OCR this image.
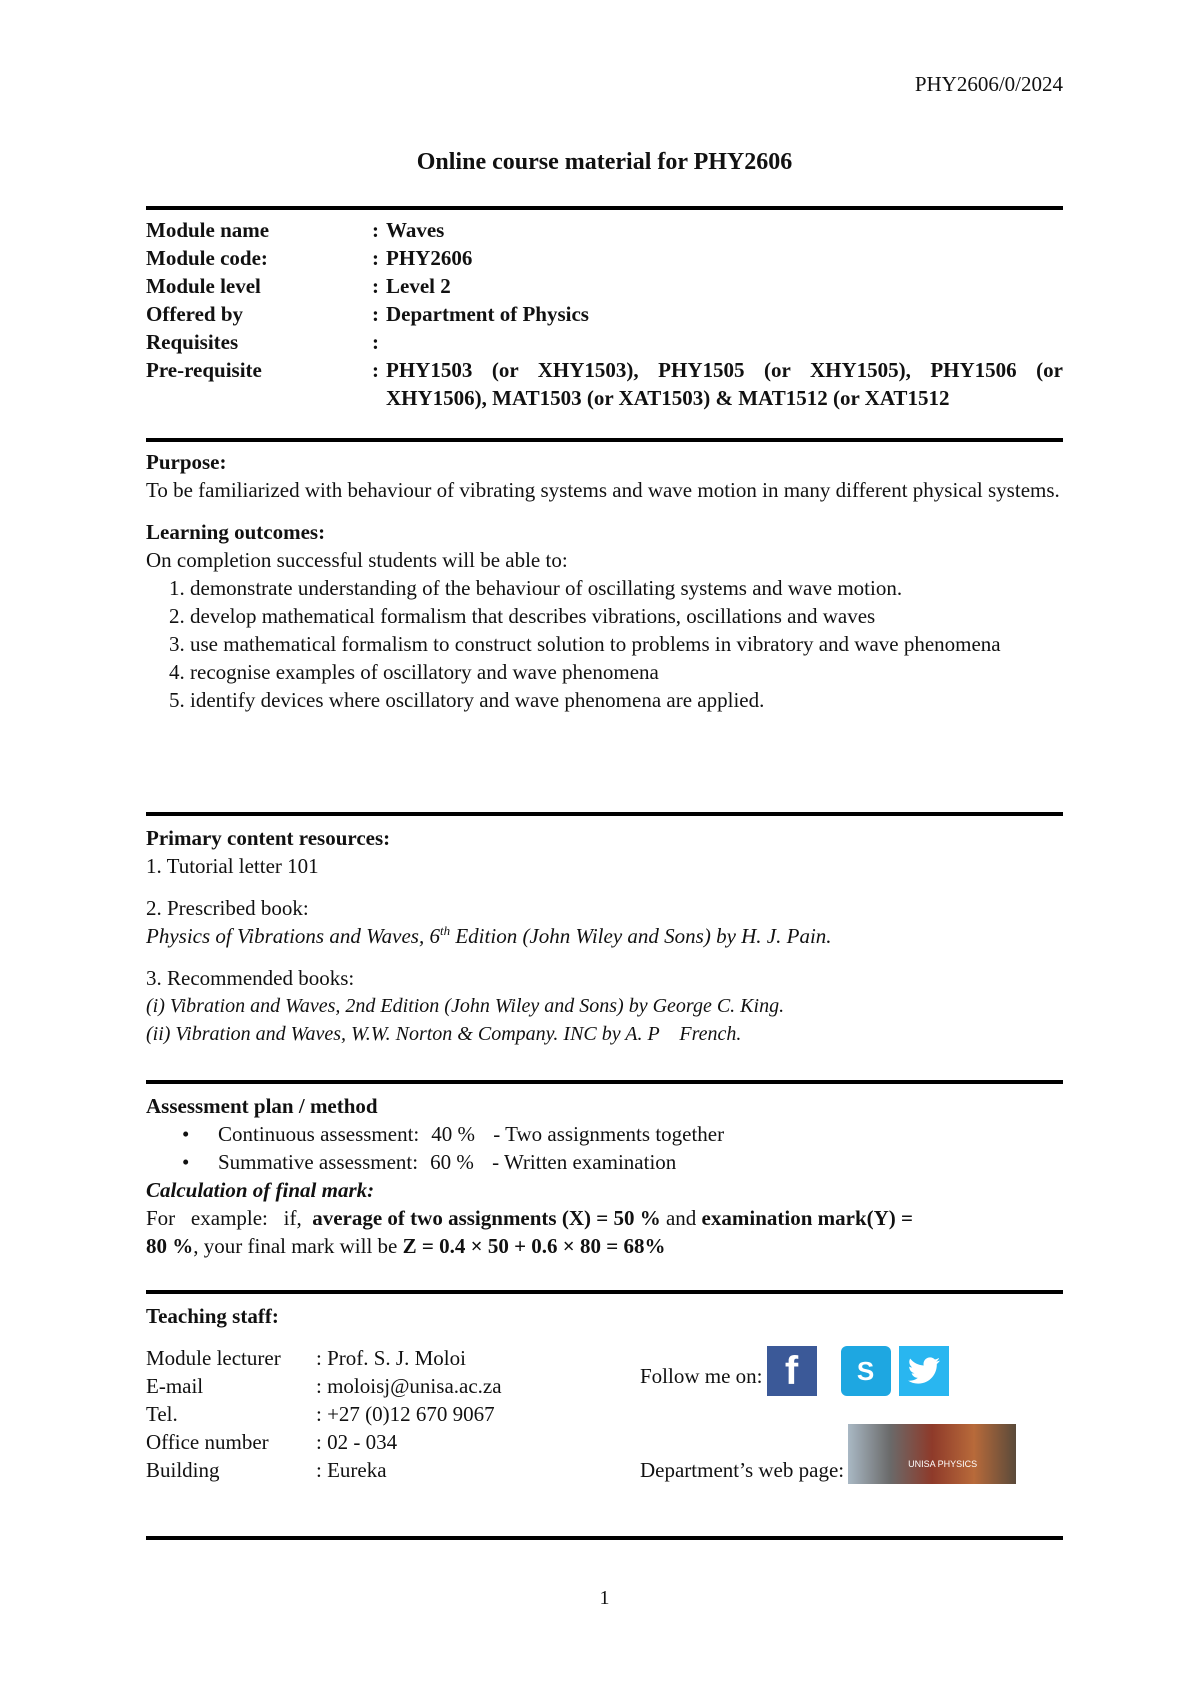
PHY2606/0/2024
Online course material for PHY2606
Module name	: Waves
Module code:	: PHY2606
Module level	: Level 2
Offered by	: Department of Physics
Requisites	:
Pre-requisite	: PHY1503 (or XHY1503), PHY1505 (or XHY1505), PHY1506 (or XHY1506), MAT1503 (or XAT1503) & MAT1512 (or XAT1512
Purpose:
To be familiarized with behaviour of vibrating systems and wave motion in many different physical systems.
Learning outcomes:
On completion successful students will be able to:
1. demonstrate understanding of the behaviour of oscillating systems and wave motion.
2. develop mathematical formalism that describes vibrations, oscillations and waves
3. use mathematical formalism to construct solution to problems in vibratory and wave phenomena
4. recognise examples of oscillatory and wave phenomena
5. identify devices where oscillatory and wave phenomena are applied.
Primary content resources:
1. Tutorial letter 101
2. Prescribed book:
Physics of Vibrations and Waves, 6th Edition (John Wiley and Sons) by H. J. Pain.
3. Recommended books:
(i) Vibration and Waves, 2nd Edition (John Wiley and Sons) by George C. King.
(ii) Vibration and Waves, W.W. Norton & Company. INC by A. P    French.
Assessment plan / method
• Continuous assessment: 40 % - Two assignments together
• Summative assessment: 60 % - Written examination
Calculation of final mark:
For   example:   if,  average of two assignments (X) = 50 % and examination mark(Y) =
80 %, your final mark will be Z = 0.4 × 50 + 0.6 × 80 = 68%
Teaching staff:
Module lecturer	: Prof. S. J. Moloi
E-mail	: moloisj@unisa.ac.za
Tel.	: +27 (0)12 670 9067
Office number	: 02 - 034
Building	: Eureka
Follow me on: f	S
Department’s web page:	UNISA PHYSICS
1
